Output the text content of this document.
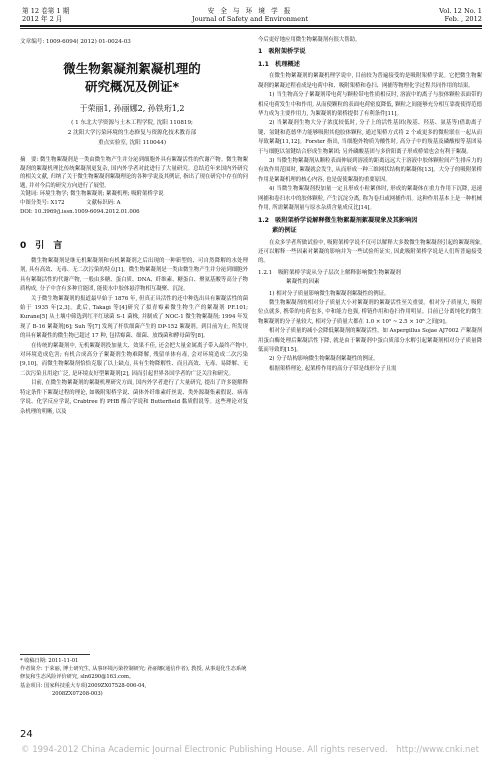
第 12 卷第 1 期
2012 年 2 月
安 全 与 环 境 学 报
Journal of Safety and Environment
Vol. 12 No. 1
Feb. , 2012
文章编号: 1009-6094( 2012) 01-0024-03
微生物絮凝剂絮凝机理的
研究概况及例证*
于荣丽1, 孙丽娜2, 孙铁珩1,2
( 1 东北大学资源与土木工程学院, 沈阳 110819;
2 沈阳大学污染环境的生态修复与资源化技术教育部
重点实验室, 沈阳 110044)

摘　要: 微生物絮凝剂是一类由微生物产生并分泌到细胞外具有絮凝活性的代谢产物。微生物絮凝剂的絮凝机理比传统絮凝剂更复杂, 国内外学者对此进行了大量研究。总结近年来国内外研究的相关文献, 归纳了关于微生物絮凝剂絮凝理论的各种学说及其例证, 指出了现在研究中存在的问题, 并对今后的研究方向进行了展望。

关键词: 环境生物学; 微生物絮凝剂; 絮凝机理; 吸附架桥学说

中图分类号: X172　　　　文献标识码: A

DOI: 10.3969/j.issn.1009-6094.2012.01.006

0　引　言

微生物絮凝剂是继无机絮凝剂和有机絮凝剂之后出现的一种新型的、可自然降解的水处理剂, 具有高效、无毒、无二次污染的特点[1]。微生物絮凝剂是一类由微生物产生并分泌到细胞外具有絮凝活性的代谢产物, 一般由多糖、蛋白质、DNA、纤维素、糖蛋白、聚氨基酸等高分子物质构成, 分子中含有多种官能团, 能使水中胶体悬浮物相互凝聚、沉淀。

关于微生物絮凝剂的报道最早始于 1876 年, 但真正具活性的还中种选出具有絮凝活性的菌始于 1935 年[2,3]。此后, Takagi 等[4]研究了拟青霉素微生物生产的絮凝剂 PF.101; Kurane[5] 从土壤中筛选到红平红球菌 S-1 菌株, 并制成了 NOC-1 微生物絮凝剂; 1994 年发现了 B-16 絮凝剂[6]; Suh 等[7] 发现了杆状细菌产生的 DP-152 絮凝剂。到目前为止, 所发现的具有絮凝性的微生物已超过 17 种, 包括霉菌、细菌、放线菌和酵母菌等[8]。

在传统的絮凝剂中, 无机絮凝剂投加量大、效果不佳, 还会把大量金属离子带入最终产物中, 对环境造成危害; 有机合成高分子絮凝剂生物难降解, 残留单体有毒, 会对环境造成二次污染[9,10]。而微生物絮凝剂恰恰克服了以上缺点, 具有生物降解性、而且高效、无毒、易降解、无二次污染且用途广泛, 是环境友好型絮凝剂[2], 因而引起世界各国学者的广泛关注和研究。

目前, 在微生物絮凝剂的絮凝机理研究方面, 国内外学者进行了大量研究, 提出了许多能解释特定条件下絮凝过程的理论, 如吸附架桥学说、菌体外纤维素纤丝说、类外源凝集素假说、病毒学说、化学反应学说, Crabtree 的 PHB 酯合学说和 Butterfield 黏质假说等。这些理论对复杂机理的明晰, 以及

* 收稿日期: 2011-11-01
作者简介: 于荣丽, 博士研究生, 从事环境污染控制研究; 孙丽娜(通信作者), 教授, 从事退化生态系统修复和生态风险评价研究, sln6290@163.com。
基金项目: 国家科技重大专项(2009ZX07528-006-04,
2008ZX07208-003)
24

今后更好地应用微生物絮凝剂有很大帮助。

1　吸附架桥学说
1.1　机理概述

在微生物絮凝剂的絮凝机理学说中, 目前较为普遍接受的是吸附架桥学说。它把微生物絮凝剂的絮凝过程看成是电荷中和、吸附架桥和卷扫、网捕等物理化学过程共同作用的结果。

1) 当生物高分子絮凝剂带电荷与颗粒带电性质相反时, 溶液中的离子与胶体颗粒表面带的相反电荷发生中和作用, 从而使颗粒的表面电荷密度降低, 颗粒之间能够充分相互靠拢使得范德华力成为主要作用力, 为絮凝剂的架桥提供了有利条件[11]。

2) 当絮凝剂生物大分子浓度较低时, 分子上的活性基团(羧基、羟基、氨基等)借助离子键、氢键和范德华力能够吸附其他胶体颗粒, 通过架桥方式将 2 个或更多的微粒联在一起从而导致絮凝[11,12]。Forster 指出, 当细胞外物质为酸性时, 高分子中的羧基及磷酸根等基团易于与细胞以氢键结合形成生物絮团; 另外磷酸基团与多价阳离子形成桥梁也会有利于絮凝。

3) 当微生物絮凝剂从颗粒表面伸展到溶液的距离远远大于溶液中胶体颗粒间产生排斥力的有效作用范围时, 絮凝就会发生, 从而形成一种三维网状结构的絮凝体[13]。大分子的吸附架桥作用是絮凝机理的核心内容, 也是促使絮凝的重要原因。

4) 当微生物絮凝剂投加量一定且形成小粒絮体时, 形成的絮凝体在重力作用下沉降, 迅速网捕和卷扫水中的胶体颗粒, 产生沉淀分离, 称为卷扫或网捕作用。这种作用基本上是一种机械作用, 所需絮凝剂量与原水杂质含量成反比[14]。

1.2　吸附架桥学说解释微生物絮凝剂絮凝现象及其影响因
素的例证

在众多学者所做试验中, 吸附架桥学说不仅可以解释大多数微生物絮凝剂引起的絮凝现象, 还可以解释一些因素对絮凝的影响并为一些试验所证实, 因此吸附架桥学说是人们所普遍接受的。

1.2.1　吸附架桥学说从分子层次上解释影响微生物絮凝剂
絮凝性的因素

1) 相对分子质量影响微生物絮凝剂絮凝性的例证。

微生物絮凝剂的相对分子质量大小对絮凝剂的絮凝活性至关重要。相对分子质量大, 吸附位点就多, 携带的电荷也多, 中和能力也强, 桥链作用和卷扫作用明显。目前已分离纯化的微生物絮凝剂的分子量较大, 相对分子质量大都在 1.0 × 10⁵ ~ 2.5 × 10⁶ 之间[9]。

相对分子质量的减小会降低絮凝剂的絮凝活性。如 Aspergillus Sojae AJ7002 产絮凝剂用蛋白酶处理后絮凝活性下降, 就是由于絮凝剂中蛋白质部分水解引起絮凝剂相对分子质量降低而导致的[15]。

2) 分子结构影响微生物絮凝剂絮凝性的例证。

根据架桥理论, 起架桥作用的高分子带是线形分子且需

© 1994-2012 China Academic Journal Electronic Publishing House. All rights reserved.　http://www.cnki.net
